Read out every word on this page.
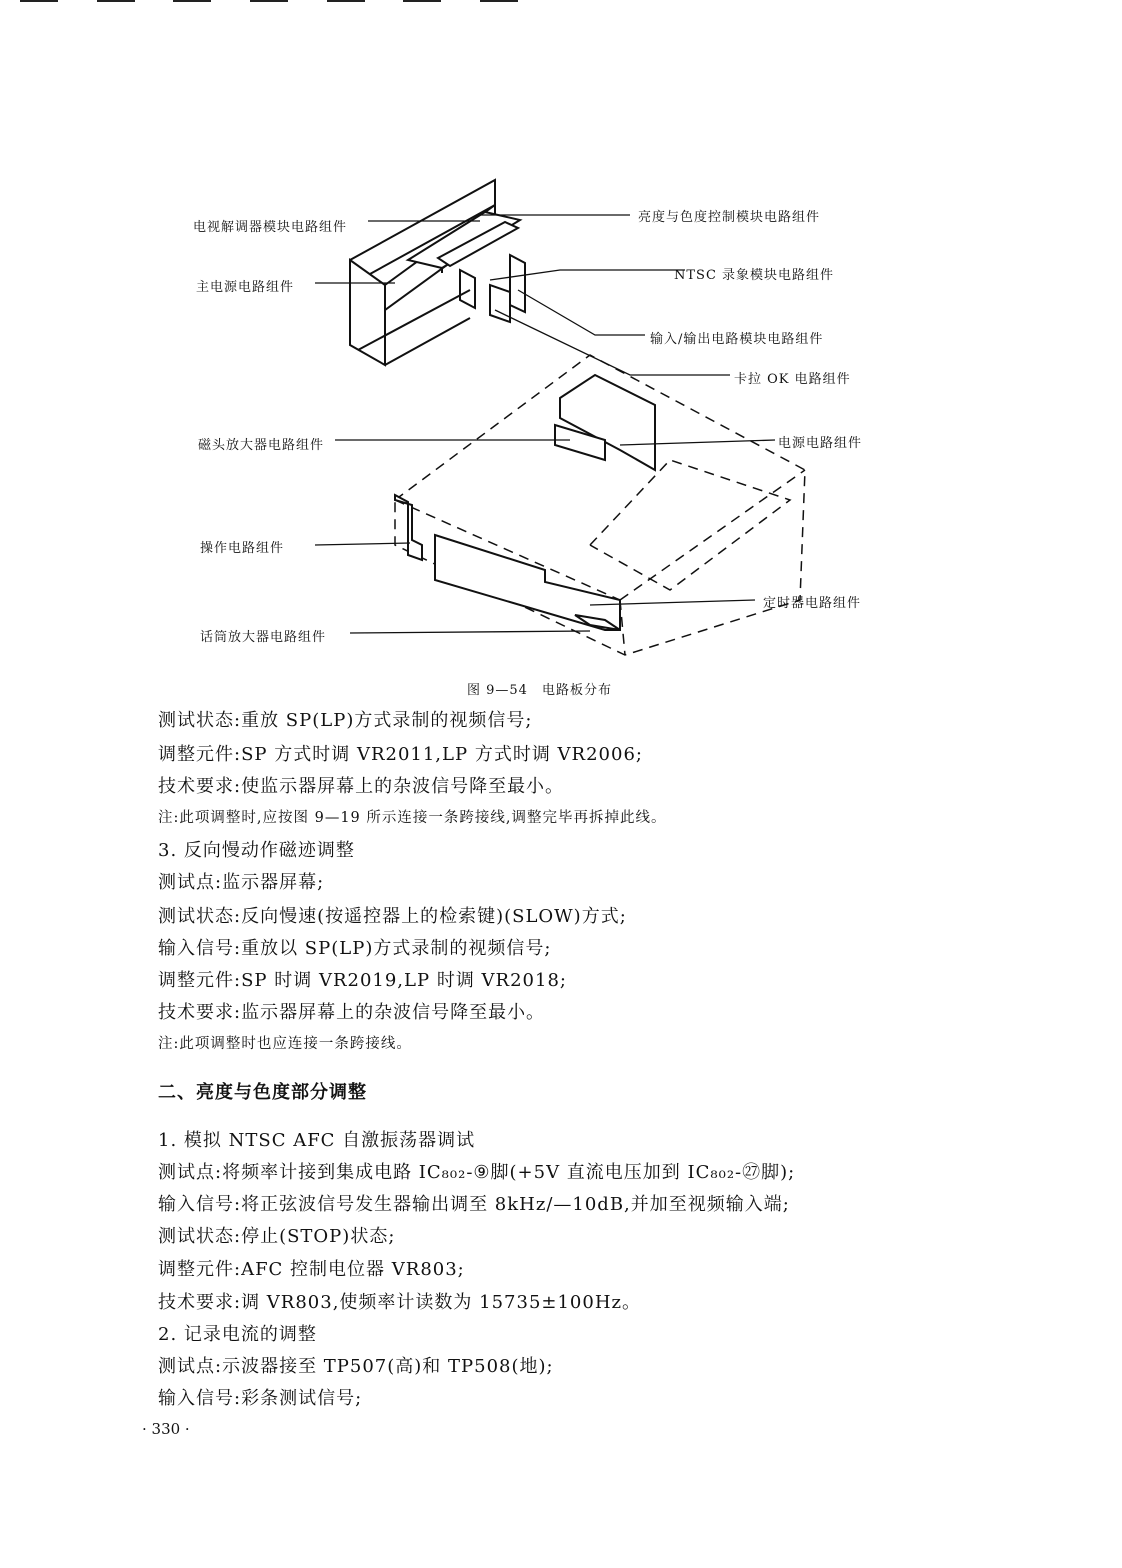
电视解调器模块电路组件
主电源电路组件
亮度与色度控制模块电路组件
NTSC 录象模块电路组件
输入/输出电路模块电路组件
卡拉 OK 电路组件
磁头放大器电路组件	电源电路组件
操作电路组件
定时器电路组件
话筒放大器电路组件
图 9—54　电路板分布
测试状态:重放 SP(LP)方式录制的视频信号;
调整元件:SP 方式时调 VR2011,LP 方式时调 VR2006;
技术要求:使监示器屏幕上的杂波信号降至最小。
注:此项调整时,应按图 9—19 所示连接一条跨接线,调整完毕再拆掉此线。
3. 反向慢动作磁迹调整
测试点:监示器屏幕;
测试状态:反向慢速(按遥控器上的检索键)(SLOW)方式;
输入信号:重放以 SP(LP)方式录制的视频信号;
调整元件:SP 时调 VR2019,LP 时调 VR2018;
技术要求:监示器屏幕上的杂波信号降至最小。
注:此项调整时也应连接一条跨接线。
二、亮度与色度部分调整
1. 模拟 NTSC AFC 自激振荡器调试
测试点:将频率计接到集成电路 IC₈₀₂-⑨脚(+5V 直流电压加到 IC₈₀₂-㉗脚);
输入信号:将正弦波信号发生器输出调至 8kHz/—10dB,并加至视频输入端;
测试状态:停止(STOP)状态;
调整元件:AFC 控制电位器 VR803;
技术要求:调 VR803,使频率计读数为 15735±100Hz。
2. 记录电流的调整
测试点:示波器接至 TP507(高)和 TP508(地);
输入信号:彩条测试信号;
· 330 ·
